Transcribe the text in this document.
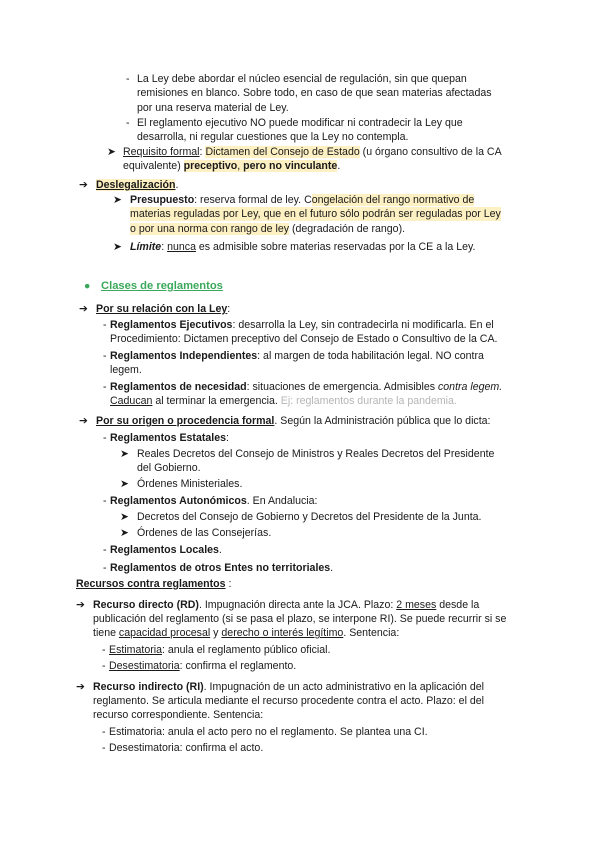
- La Ley debe abordar el núcleo esencial de regulación, sin que quepan
remisiones en blanco. Sobre todo, en caso de que sean materias afectadas
por una reserva material de Ley.
- El reglamento ejecutivo NO puede modificar ni contradecir la Ley que
desarrolla, ni regular cuestiones que la Ley no contempla.
➤ Requisito formal: Dictamen del Consejo de Estado (u órgano consultivo de la CA
equivalente) preceptivo, pero no vinculante.
➔ Deslegalización.
➤ Presupuesto: reserva formal de ley. Congelación del rango normativo de
materias reguladas por Ley, que en el futuro sólo podrán ser reguladas por Ley
o por una norma con rango de ley (degradación de rango).
➤ Límite: nunca es admisible sobre materias reservadas por la CE a la Ley.
● Clases de reglamentos
➔ Por su relación con la Ley:
- Reglamentos Ejecutivos: desarrolla la Ley, sin contradecirla ni modificarla. En el
Procedimiento: Dictamen preceptivo del Consejo de Estado o Consultivo de la CA.
- Reglamentos Independientes: al margen de toda habilitación legal. NO contra
legem.
- Reglamentos de necesidad: situaciones de emergencia. Admisibles contra legem.
Caducan al terminar la emergencia. Ej: reglamentos durante la pandemia.
➔ Por su origen o procedencia formal. Según la Administración pública que lo dicta:
- Reglamentos Estatales:
➤ Reales Decretos del Consejo de Ministros y Reales Decretos del Presidente
del Gobierno.
➤ Órdenes Ministeriales.
- Reglamentos Autonómicos. En Andalucia:
➤ Decretos del Consejo de Gobierno y Decretos del Presidente de la Junta.
➤ Órdenes de las Consejerías.
- Reglamentos Locales.
- Reglamentos de otros Entes no territoriales.
Recursos contra reglamentos :
➔ Recurso directo (RD). Impugnación directa ante la JCA. Plazo: 2 meses desde la
publicación del reglamento (si se pasa el plazo, se interpone RI). Se puede recurrir si se
tiene capacidad procesal y derecho o interés legítimo. Sentencia:
- Estimatoria: anula el reglamento público oficial.
- Desestimatoria: confirma el reglamento.
➔ Recurso indirecto (RI). Impugnación de un acto administrativo en la aplicación del
reglamento. Se articula mediante el recurso procedente contra el acto. Plazo: el del
recurso correspondiente. Sentencia:
- Estimatoria: anula el acto pero no el reglamento. Se plantea una CI.
- Desestimatoria: confirma el acto.
